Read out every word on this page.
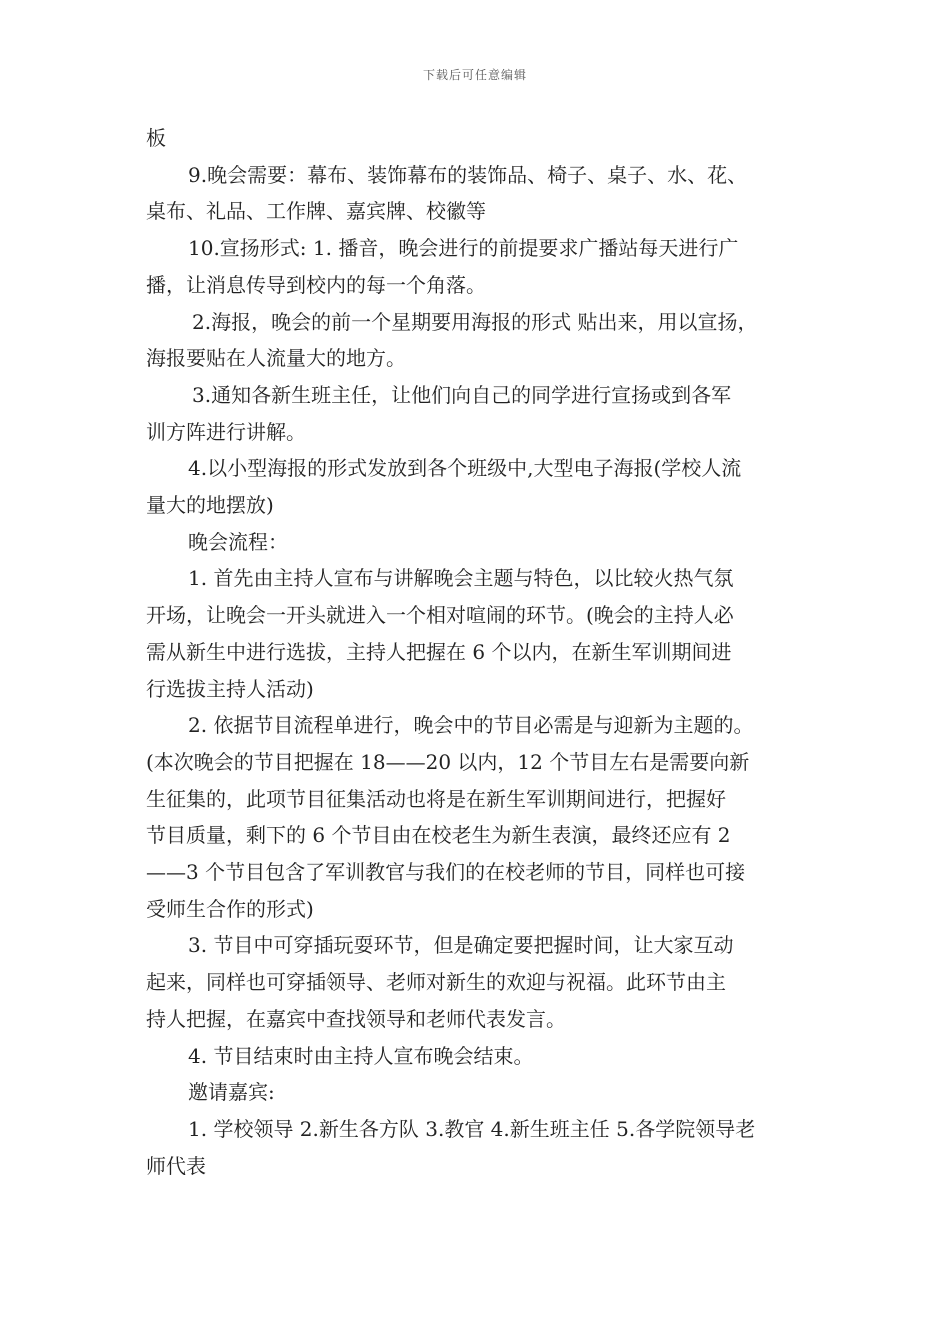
下载后可任意编辑

板

9.晚会需要：幕布、装饰幕布的装饰品、椅子、桌子、水、花、

桌布、礼品、工作牌、嘉宾牌、校徽等

10.宣扬形式: 1. 播音，晚会进行的前提要求广播站每天进行广

播，让消息传导到校内的每一个角落。

2.海报，晚会的前一个星期要用海报的形式 贴出来，用以宣扬，

海报要贴在人流量大的地方。

3.通知各新生班主任，让他们向自己的同学进行宣扬或到各军

训方阵进行讲解。

4.以小型海报的形式发放到各个班级中,大型电子海报(学校人流

量大的地摆放)

晚会流程：

1. 首先由主持人宣布与讲解晚会主题与特色，以比较火热气氛

开场，让晚会一开头就进入一个相对喧闹的环节。(晚会的主持人必

需从新生中进行选拔，主持人把握在 6 个以内，在新生军训期间进

行选拔主持人活动)

2. 依据节目流程单进行，晚会中的节目必需是与迎新为主题的。

(本次晚会的节目把握在 18——20 以内，12 个节目左右是需要向新

生征集的，此项节目征集活动也将是在新生军训期间进行，把握好

节目质量，剩下的 6 个节目由在校老生为新生表演，最终还应有 2

——3 个节目包含了军训教官与我们的在校老师的节目，同样也可接

受师生合作的形式)

3. 节目中可穿插玩耍环节，但是确定要把握时间，让大家互动

起来，同样也可穿插领导、老师对新生的欢迎与祝福。此环节由主

持人把握，在嘉宾中查找领导和老师代表发言。

4. 节目结束时由主持人宣布晚会结束。

邀请嘉宾:

1. 学校领导 2.新生各方队 3.教官 4.新生班主任 5.各学院领导老

师代表
